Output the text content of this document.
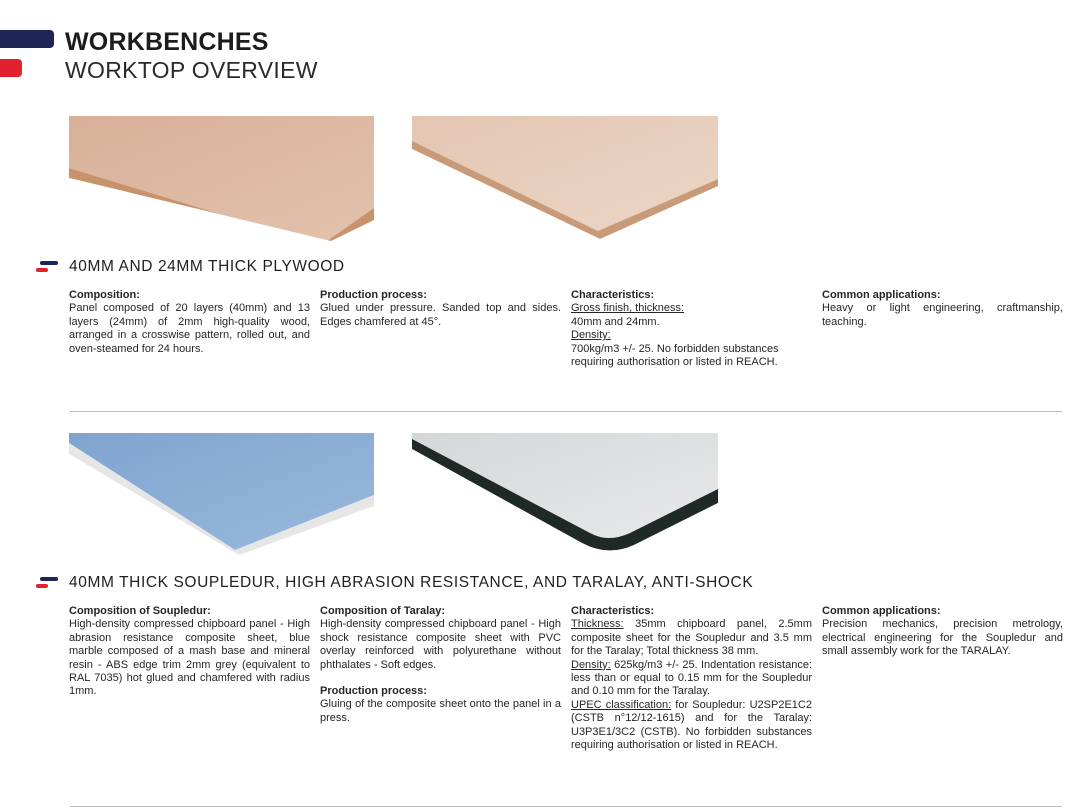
WORKBENCHES
WORKTOP OVERVIEW
40MM AND 24MM THICK PLYWOOD
Composition:
Panel composed of 20 layers (40mm) and 13 layers (24mm) of 2mm high-quality wood, arranged in a crosswise pattern, rolled out, and oven-steamed for 24 hours.
Production process:
Glued under pressure. Sanded top and sides. Edges chamfered at 45°.
Characteristics:
Gross finish, thickness:
40mm and 24mm.
Density:
700kg/m3 +/- 25. No forbidden substances requiring authorisation or listed in REACH.
Common applications:
Heavy or light engineering, craftmanship, teaching.
40MM THICK SOUPLEDUR, HIGH ABRASION RESISTANCE, AND TARALAY, ANTI-SHOCK
Composition of Soupledur:
High-density compressed chipboard panel - High abrasion resistance composite sheet, blue marble composed of a mash base and mineral resin - ABS edge trim 2mm grey (equivalent to RAL 7035) hot glued and chamfered with radius 1mm.
Composition of Taralay:
High-density compressed chipboard panel - High shock resistance composite sheet with PVC overlay reinforced with polyurethane without phthalates - Soft edges.
Production process:
Gluing of the composite sheet onto the panel in a press.
Characteristics:
Thickness: 35mm chipboard panel, 2.5mm composite sheet for the Soupledur and 3.5 mm for the Taralay; Total thickness 38 mm.
Density: 625kg/m3 +/- 25. Indentation resistance: less than or equal to 0.15 mm for the Soupledur and 0.10 mm for the Taralay.
UPEC classification: for Soupledur: U2SP2E1C2 (CSTB n°12/12-1615) and for the Taralay: U3P3E1/3C2 (CSTB). No forbidden substances requiring authorisation or listed in REACH.
Common applications:
Precision mechanics, precision metrology, electrical engineering for the Soupledur and small assembly work for the TARALAY.
